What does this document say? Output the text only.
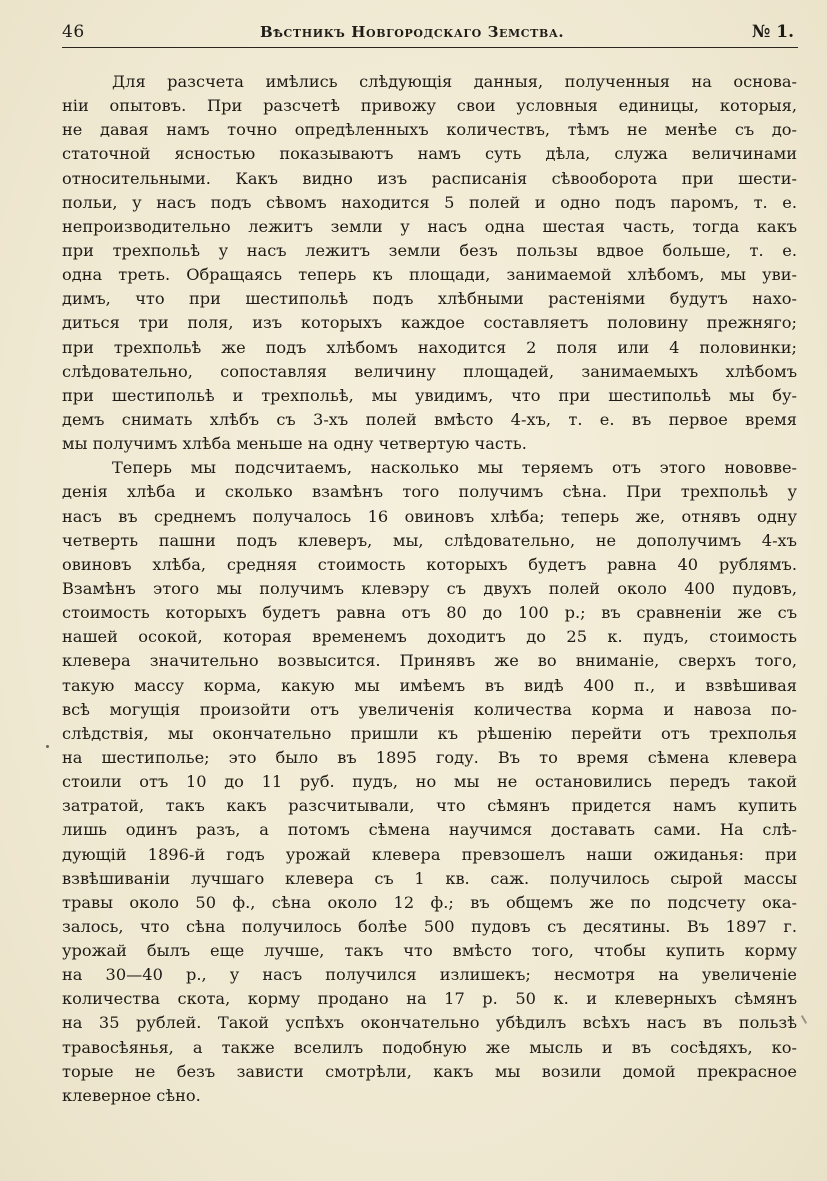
46	Вѣстникъ Новгородскаго Земства.	№ 1.
Для разсчета имѣлись слѣдующія данныя, полученныя на основа-
ніи опытовъ. При разсчетѣ привожу свои условныя единицы, которыя,
не давая намъ точно опредѣленныхъ количествъ, тѣмъ не менѣе съ до-
статочной ясностью показываютъ намъ суть дѣла, служа величинами
относительными. Какъ видно изъ расписанія сѣвооборота при шести-
польи, у насъ подъ сѣвомъ находится 5 полей и одно подъ паромъ, т. е.
непроизводительно лежитъ земли у насъ одна шестая часть, тогда какъ
при трехпольѣ у насъ лежитъ земли безъ пользы вдвое больше, т. е.
одна треть. Обращаясь теперь къ площади, занимаемой хлѣбомъ, мы уви-
димъ, что при шестипольѣ подъ хлѣбными растеніями будутъ нахо-
диться три поля, изъ которыхъ каждое составляетъ половину прежняго;
при трехпольѣ же подъ хлѣбомъ находится 2 поля или 4 половинки;
слѣдовательно, сопоставляя величину площадей, занимаемыхъ хлѣбомъ
при шестипольѣ и трехпольѣ, мы увидимъ, что при шестипольѣ мы бу-
демъ снимать хлѣбъ съ 3-хъ полей вмѣсто 4-хъ, т. е. въ первое время
мы получимъ хлѣба меньше на одну четвертую часть.
Теперь мы подсчитаемъ, насколько мы теряемъ отъ этого нововве-
денія хлѣба и сколько взамѣнъ того получимъ сѣна. При трехпольѣ у
насъ въ среднемъ получалось 16 овиновъ хлѣба; теперь же, отнявъ одну
четверть пашни подъ клеверъ, мы, слѣдовательно, не дополучимъ 4-хъ
овиновъ хлѣба, средняя стоимость которыхъ будетъ равна 40 рублямъ.
Взамѣнъ этого мы получимъ клевэру съ двухъ полей около 400 пудовъ,
стоимость которыхъ будетъ равна отъ 80 до 100 р.; въ сравненіи же съ
нашей осокой, которая временемъ доходитъ до 25 к. пудъ, стоимость
клевера значительно возвысится. Принявъ же во вниманіе, сверхъ того,
такую массу корма, какую мы имѣемъ въ видѣ 400 п., и взвѣшивая
всѣ могущія произойти отъ увеличенія количества корма и навоза по-
слѣдствія, мы окончательно пришли къ рѣшенію перейти отъ трехполья
на шестиполье; это было въ 1895 году. Въ то время сѣмена клевера
стоили отъ 10 до 11 руб. пудъ, но мы не остановились передъ такой
затратой, такъ какъ разсчитывали, что сѣмянъ придется намъ купить
лишь одинъ разъ, а потомъ сѣмена научимся доставать сами. На слѣ-
дующій 1896-й годъ урожай клевера превзошелъ наши ожиданья: при
взвѣшиваніи лучшаго клевера съ 1 кв. саж. получилось сырой массы
травы около 50 ф., сѣна около 12 ф.; въ общемъ же по подсчету ока-
залось, что сѣна получилось болѣе 500 пудовъ съ десятины. Въ 1897 г.
урожай былъ еще лучше, такъ что вмѣсто того, чтобы купить корму
на 30—40 р., у насъ получился излишекъ; несмотря на увеличеніе
количества скота, корму продано на 17 р. 50 к. и клеверныхъ сѣмянъ
на 35 рублей. Такой успѣхъ окончательно убѣдилъ всѣхъ насъ въ пользѣ
травосѣянья, а также вселилъ подобную же мысль и въ сосѣдяхъ, ко-
торые не безъ зависти смотрѣли, какъ мы возили домой прекрасное
клеверное сѣно.
